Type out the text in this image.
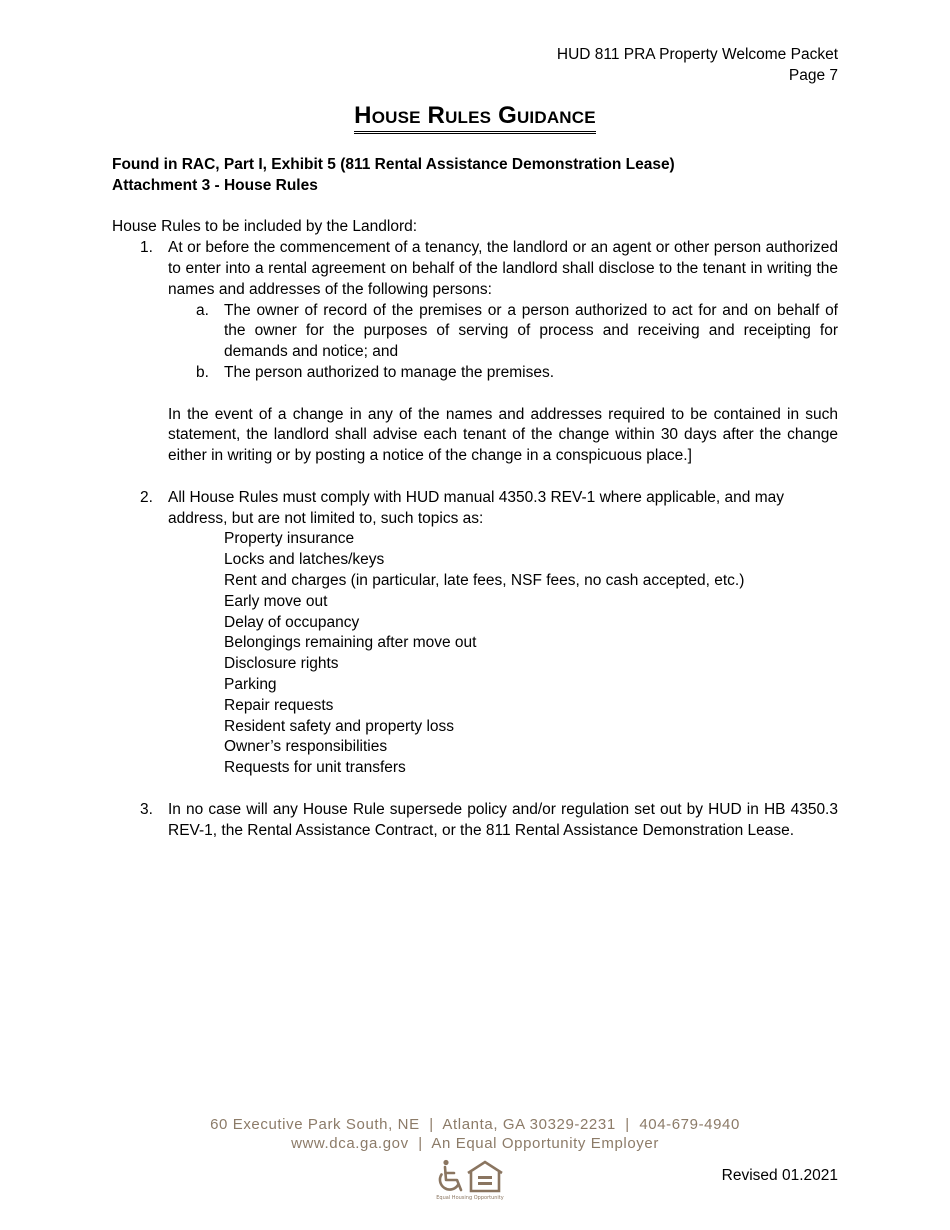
HUD 811 PRA Property Welcome Packet
Page 7
House Rules Guidance

Found in RAC, Part I, Exhibit 5 (811 Rental Assistance Demonstration Lease)

Attachment 3 - House Rules

House Rules to be included by the Landlord:

1. At or before the commencement of a tenancy, the landlord or an agent or other person authorized to enter into a rental agreement on behalf of the landlord shall disclose to the tenant in writing the names and addresses of the following persons:

a. The owner of record of the premises or a person authorized to act for and on behalf of the owner for the purposes of serving of process and receiving and receipting for demands and notice; and

b. The person authorized to manage the premises.

In the event of a change in any of the names and addresses required to be contained in such statement, the landlord shall advise each tenant of the change within 30 days after the change either in writing or by posting a notice of the change in a conspicuous place.]

2. All House Rules must comply with HUD manual 4350.3 REV-1 where applicable, and may address, but are not limited to, such topics as:

Property insurance
Locks and latches/keys
Rent and charges (in particular, late fees, NSF fees, no cash accepted, etc.)
Early move out
Delay of occupancy
Belongings remaining after move out
Disclosure rights
Parking
Repair requests
Resident safety and property loss
Owner’s responsibilities
Requests for unit transfers
3. In no case will any House Rule supersede policy and/or regulation set out by HUD in HB 4350.3 REV-1, the Rental Assistance Contract, or the 811 Rental Assistance Demonstration Lease.

60 Executive Park South, NE  |  Atlanta, GA 30329-2231  |  404-679-4940
www.dca.ga.gov  |  An Equal Opportunity Employer
Equal Housing Opportunity
Revised 01.2021
